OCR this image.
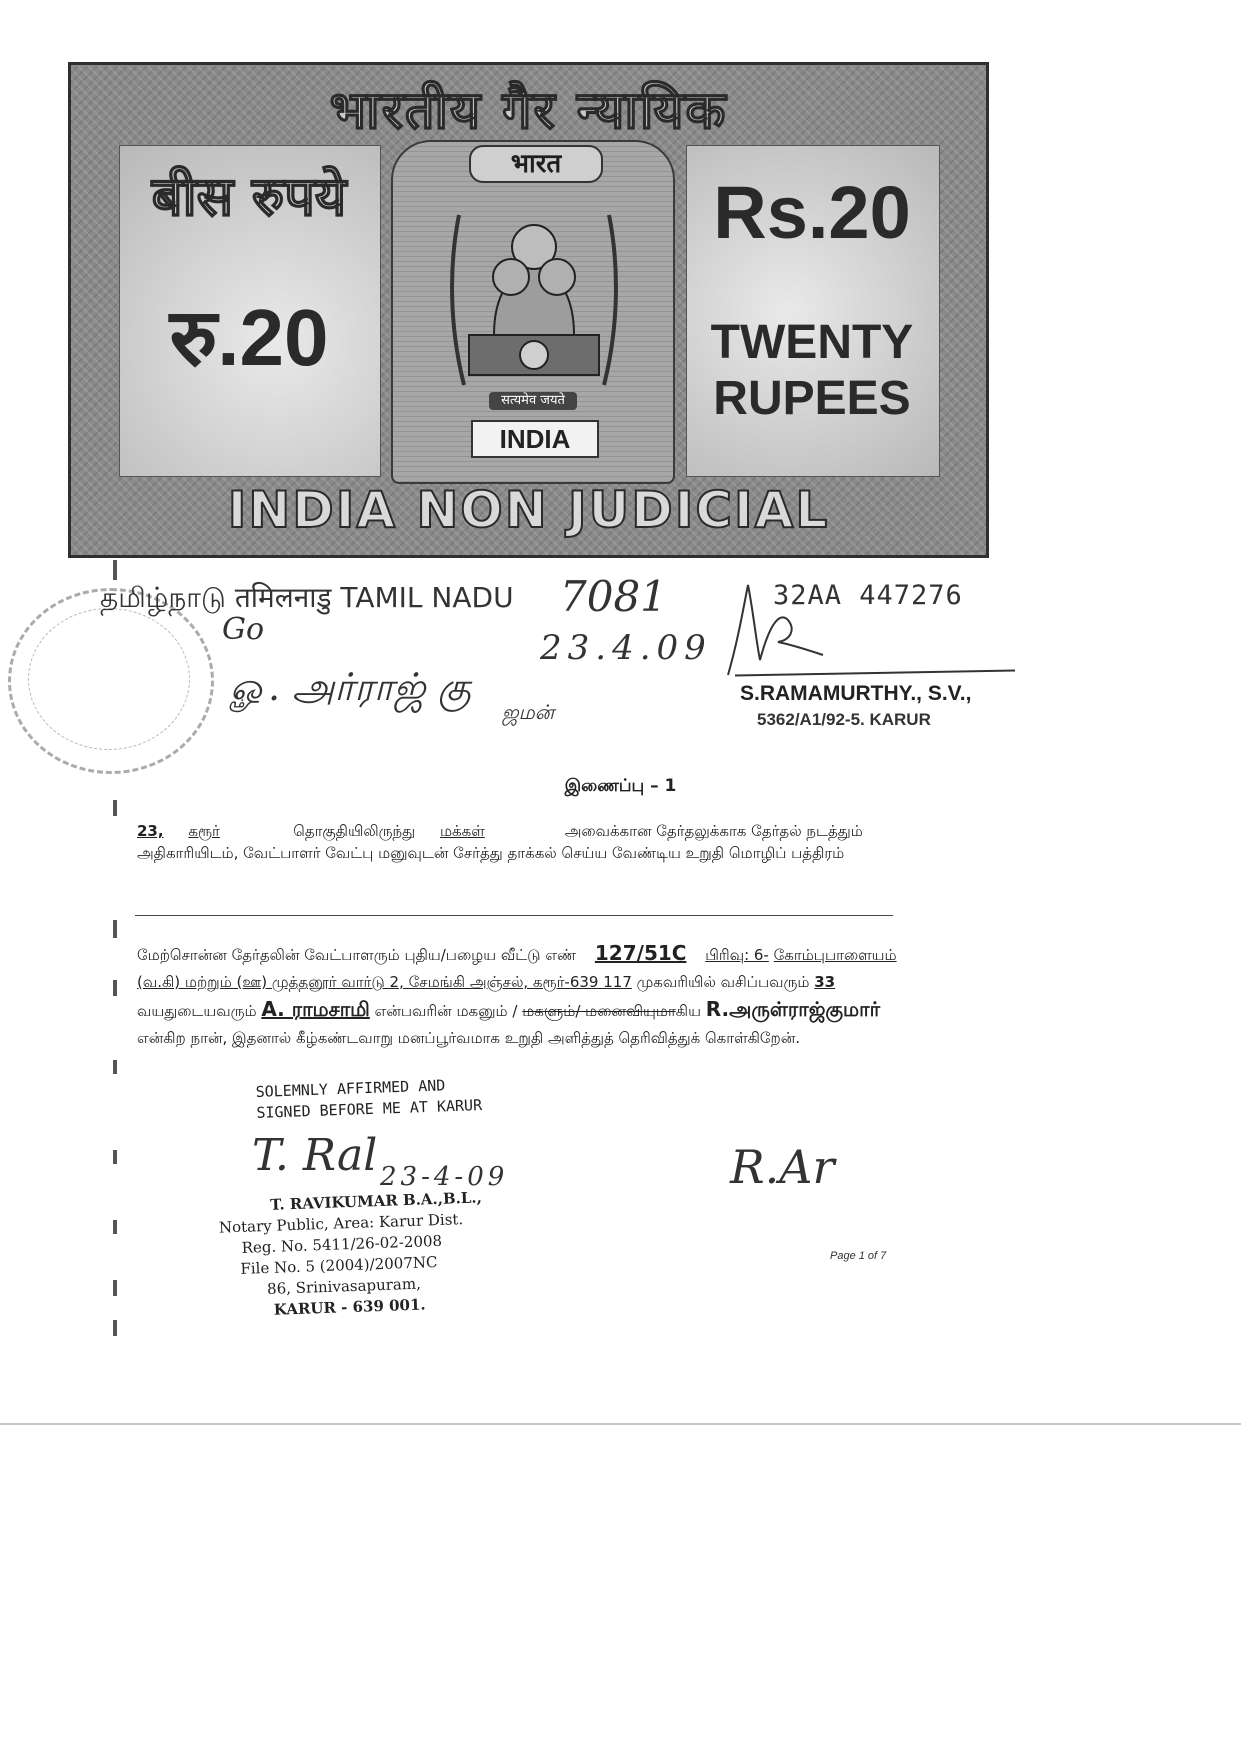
भारतीय गैर न्यायिक
बीस रुपये
रु.20
Rs.20
TWENTY
RUPEES
भारत
सत्यमेव जयते
INDIA
INDIA NON JUDICIAL
தமிழ்நாடு तमिलनाडु TAMIL NADU 7081	32AA 447276
Go	23.4.09
ௐ. அர்ராஜ் கு
ஜமன்
S.RAMAMURTHY., S.V.,
5362/A1/92-5. KARUR
இணைப்பு – 1
23, கரூர்	தொகுதியிலிருந்து மக்கள்	அவைக்கான தேர்தலுக்காக தேர்தல் நடத்தும் அதிகாரியிடம், வேட்பாளர் வேட்பு மனுவுடன் சேர்த்து தாக்கல் செய்ய வேண்டிய உறுதி மொழிப் பத்திரம்
மேற்சொன்ன தேர்தலின் வேட்பாளரும் புதிய/பழைய வீட்டு எண் 127/51C பிரிவு: 6- கோம்புபாளையம் (வ.கி) மற்றும் (ஊ) முத்தனூர் வார்டு 2, சேமங்கி அஞ்சல், கரூர்-639 117 முகவரியில் வசிப்பவரும் 33 வயதுடையவரும் A. ராமசாமி என்பவரின் மகனும் / மகளும்/ மனைவியுமாகிய R.அருள்ராஜ்குமார் என்கிற நான், இதனால் கீழ்கண்டவாறு மனப்பூர்வமாக உறுதி அளித்துத் தெரிவித்துக் கொள்கிறேன்.
SOLEMNLY AFFIRMED AND
SIGNED BEFORE ME AT KARUR
T. Ral 23-4-09
T. RAVIKUMAR B.A.,B.L.,
Notary Public, Area: Karur Dist.
Reg. No. 5411/26-02-2008
File No. 5 (2004)/2007NC
86, Srinivasapuram,
KARUR - 639 001.
R.Ar
Page 1 of 7
